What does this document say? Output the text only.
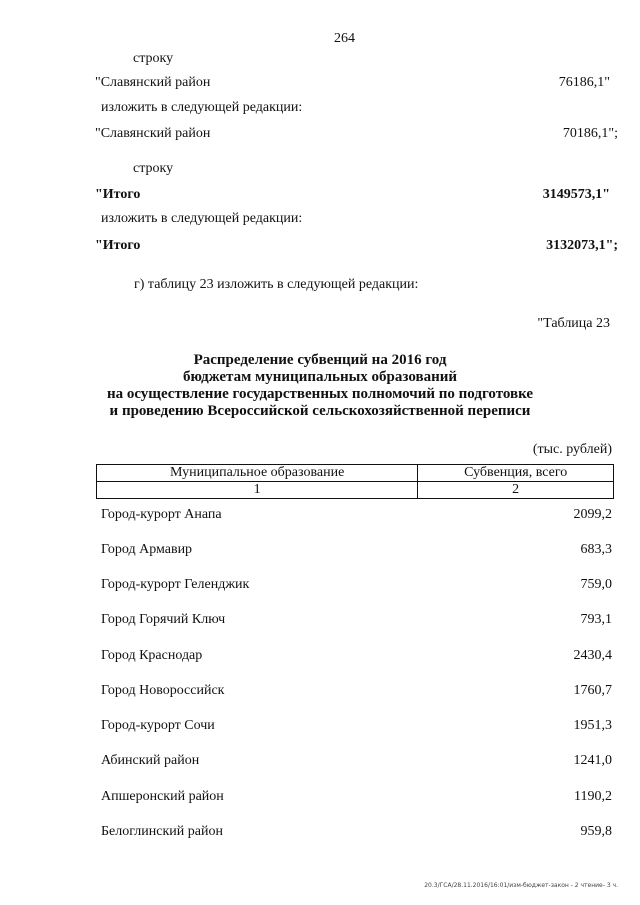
264
строку
"Славянский район	76186,1"
изложить в следующей редакции:
"Славянский район	70186,1";
строку
"Итого	3149573,1"
изложить в следующей редакции:
"Итого	3132073,1";
г) таблицу 23 изложить в следующей редакции:
"Таблица 23
Распределение субвенций на 2016 год
бюджетам муниципальных образований
на осуществление государственных полномочий по подготовке
и проведению Всероссийской сельскохозяйственной переписи
(тыс. рублей)
Муниципальное образование	Субвенция, всего
1	2
Город-курорт Анапа	2099,2
Город Армавир	683,3
Город-курорт Геленджик	759,0
Город Горячий Ключ	793,1
Город Краснодар	2430,4
Город Новороссийск	1760,7
Город-курорт Сочи	1951,3
Абинский район	1241,0
Апшеронский район	1190,2
Белоглинский район	959,8
20.3/ГСА/28.11.2016/16:01/изм-бюджет-закон - 2 чтение- 3 ч.
